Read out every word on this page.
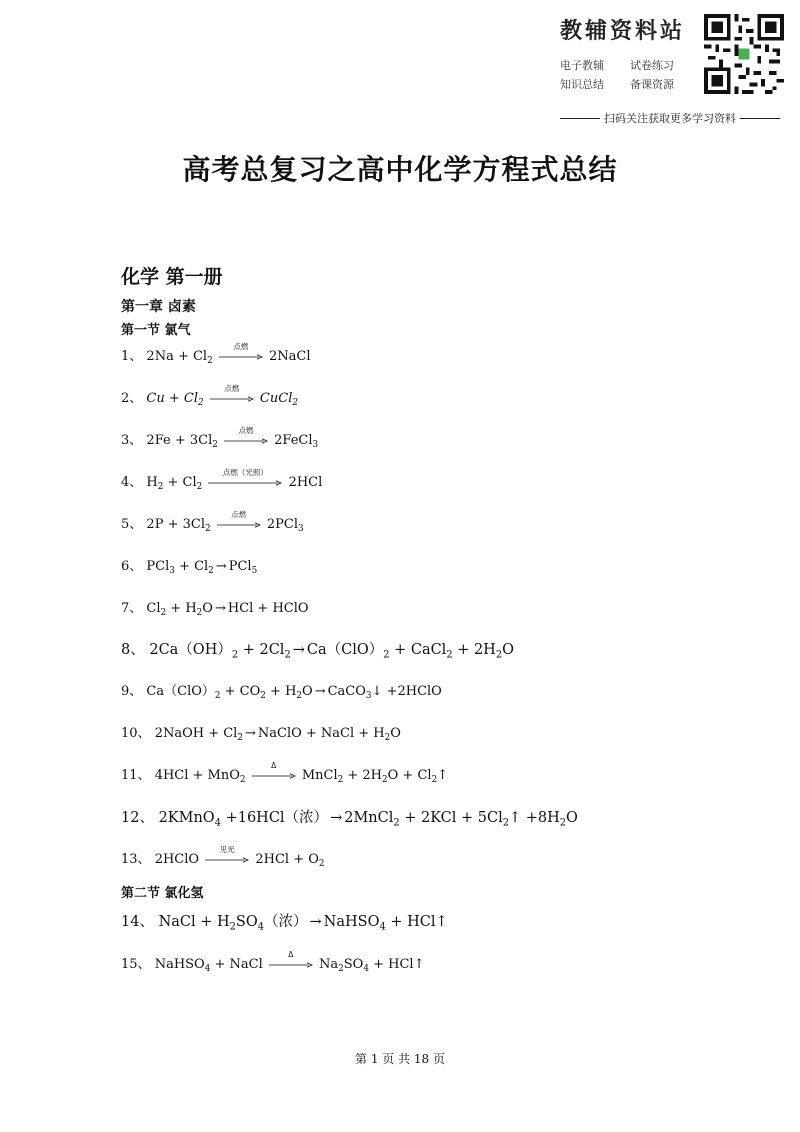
教辅资料站
电子教辅	试卷练习
知识总结	备课资源
扫码关注获取更多学习资料
高考总复习之高中化学方程式总结
化学 第一册
第一章 卤素
第一节 氯气
1、 $2Na + Cl_2$
点燃
2NaCl
2、 $Cu + Cl_2$
点燃
CuCl$_2$
3、 $2Fe + 3Cl_2$
点燃
2FeCl$_3$
4、 $H_2 + Cl_2$
点燃（光照）
2HCl
5、 $2P + 3Cl_2$
点燃
2PCl$_3$
6、 $PCl_3 + Cl_2 \to PCl_5$
7、 $Cl_2 + H_2O$ → HCl + HClO
8、 $2Ca(OH)_2 + 2Cl_2 \to Ca(ClO)_2$ + CaCl$_2$ + $2H_2O$
9、 $Ca(ClO)_2 + CO_2 + H_2O$ → CaCO$_3$↓ +2HClO
10、 2NaOH + $Cl_2$ → NaClO + NaCl + $H_2O$
11、 4HCl + MnO$_2$
Δ
MnCl$_2$ + $2H_2O$ + $Cl_2↑$
12、 2KMnO$_4$ +16HCl（浓） → 2MnCl$_2$ + $2KCl + 5Cl_2↑ +8H_2O$
13、 2HClO
见光
$2HCl + O_2$
第二节 氯化氢
14、 NaCl + $H_2SO_4$（浓） → NaHSO$_4$ + HCl↑
15、 NaHSO$_4$ + NaCl
Δ
$Na_2SO_4$ + HCl↑
第 1 页 共 18 页
